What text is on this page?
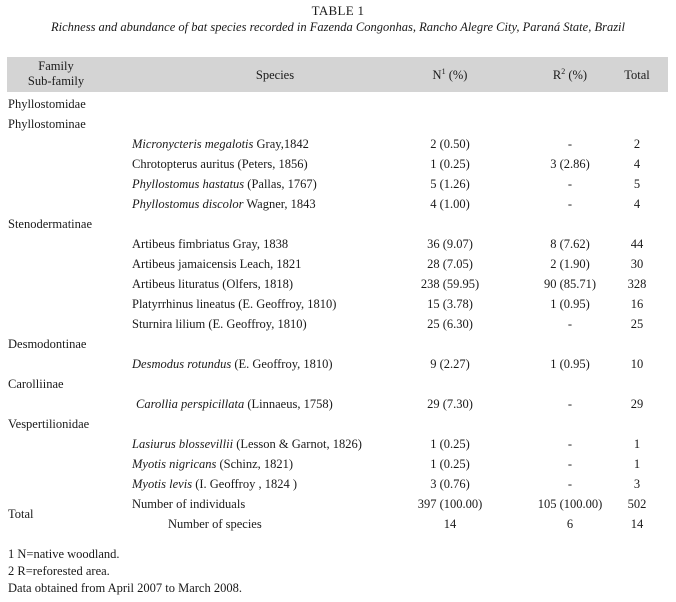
TABLE 1
Richness and abundance of bat species recorded in Fazenda Congonhas, Rancho Alegre City, Paraná State, Brazil
Family
Sub-family	Species	$N^1$ (%)	$R^2$ (%)	Total
Phyllostomidae
Phyllostominae
Micronycteris megalotis Gray,1842	2 (0.50)	-	2
Chrotopterus auritus (Peters, 1856)	1 (0.25)	3 (2.86)	4
Phyllostomus hastatus (Pallas, 1767)	5 (1.26)	-	5
Phyllostomus discolor Wagner, 1843	4 (1.00)	-	4
Stenodermatinae
Artibeus fimbriatus Gray, 1838	36 (9.07)	8 (7.62)	44
Artibeus jamaicensis Leach, 1821	28 (7.05)	2 (1.90)	30
Artibeus lituratus (Olfers, 1818)	238 (59.95)	90 (85.71)	328
Platyrrhinus lineatus (E. Geoffroy, 1810)	15 (3.78)	1 (0.95)	16
Sturnira lilium (E. Geoffroy, 1810)	25 (6.30)	-	25
Desmodontinae
Desmodus rotundus (E. Geoffroy, 1810)	9 (2.27)	1 (0.95)	10
Carolliinae
Carollia perspicillata (Linnaeus, 1758)	29 (7.30)	-	29
Vespertilionidae
Lasiurus blossevillii (Lesson & Garnot, 1826)	1 (0.25)	-	1
Myotis nigricans (Schinz, 1821)	1 (0.25)	-	1
Myotis levis (I. Geoffroy , 1824 )	3 (0.76)	-	3
Number of individuals	397 (100.00)	105 (100.00)	502
Total
Number of species	14	6	14
1 N=native woodland.
2 R=reforested area.
Data obtained from April 2007 to March 2008.
